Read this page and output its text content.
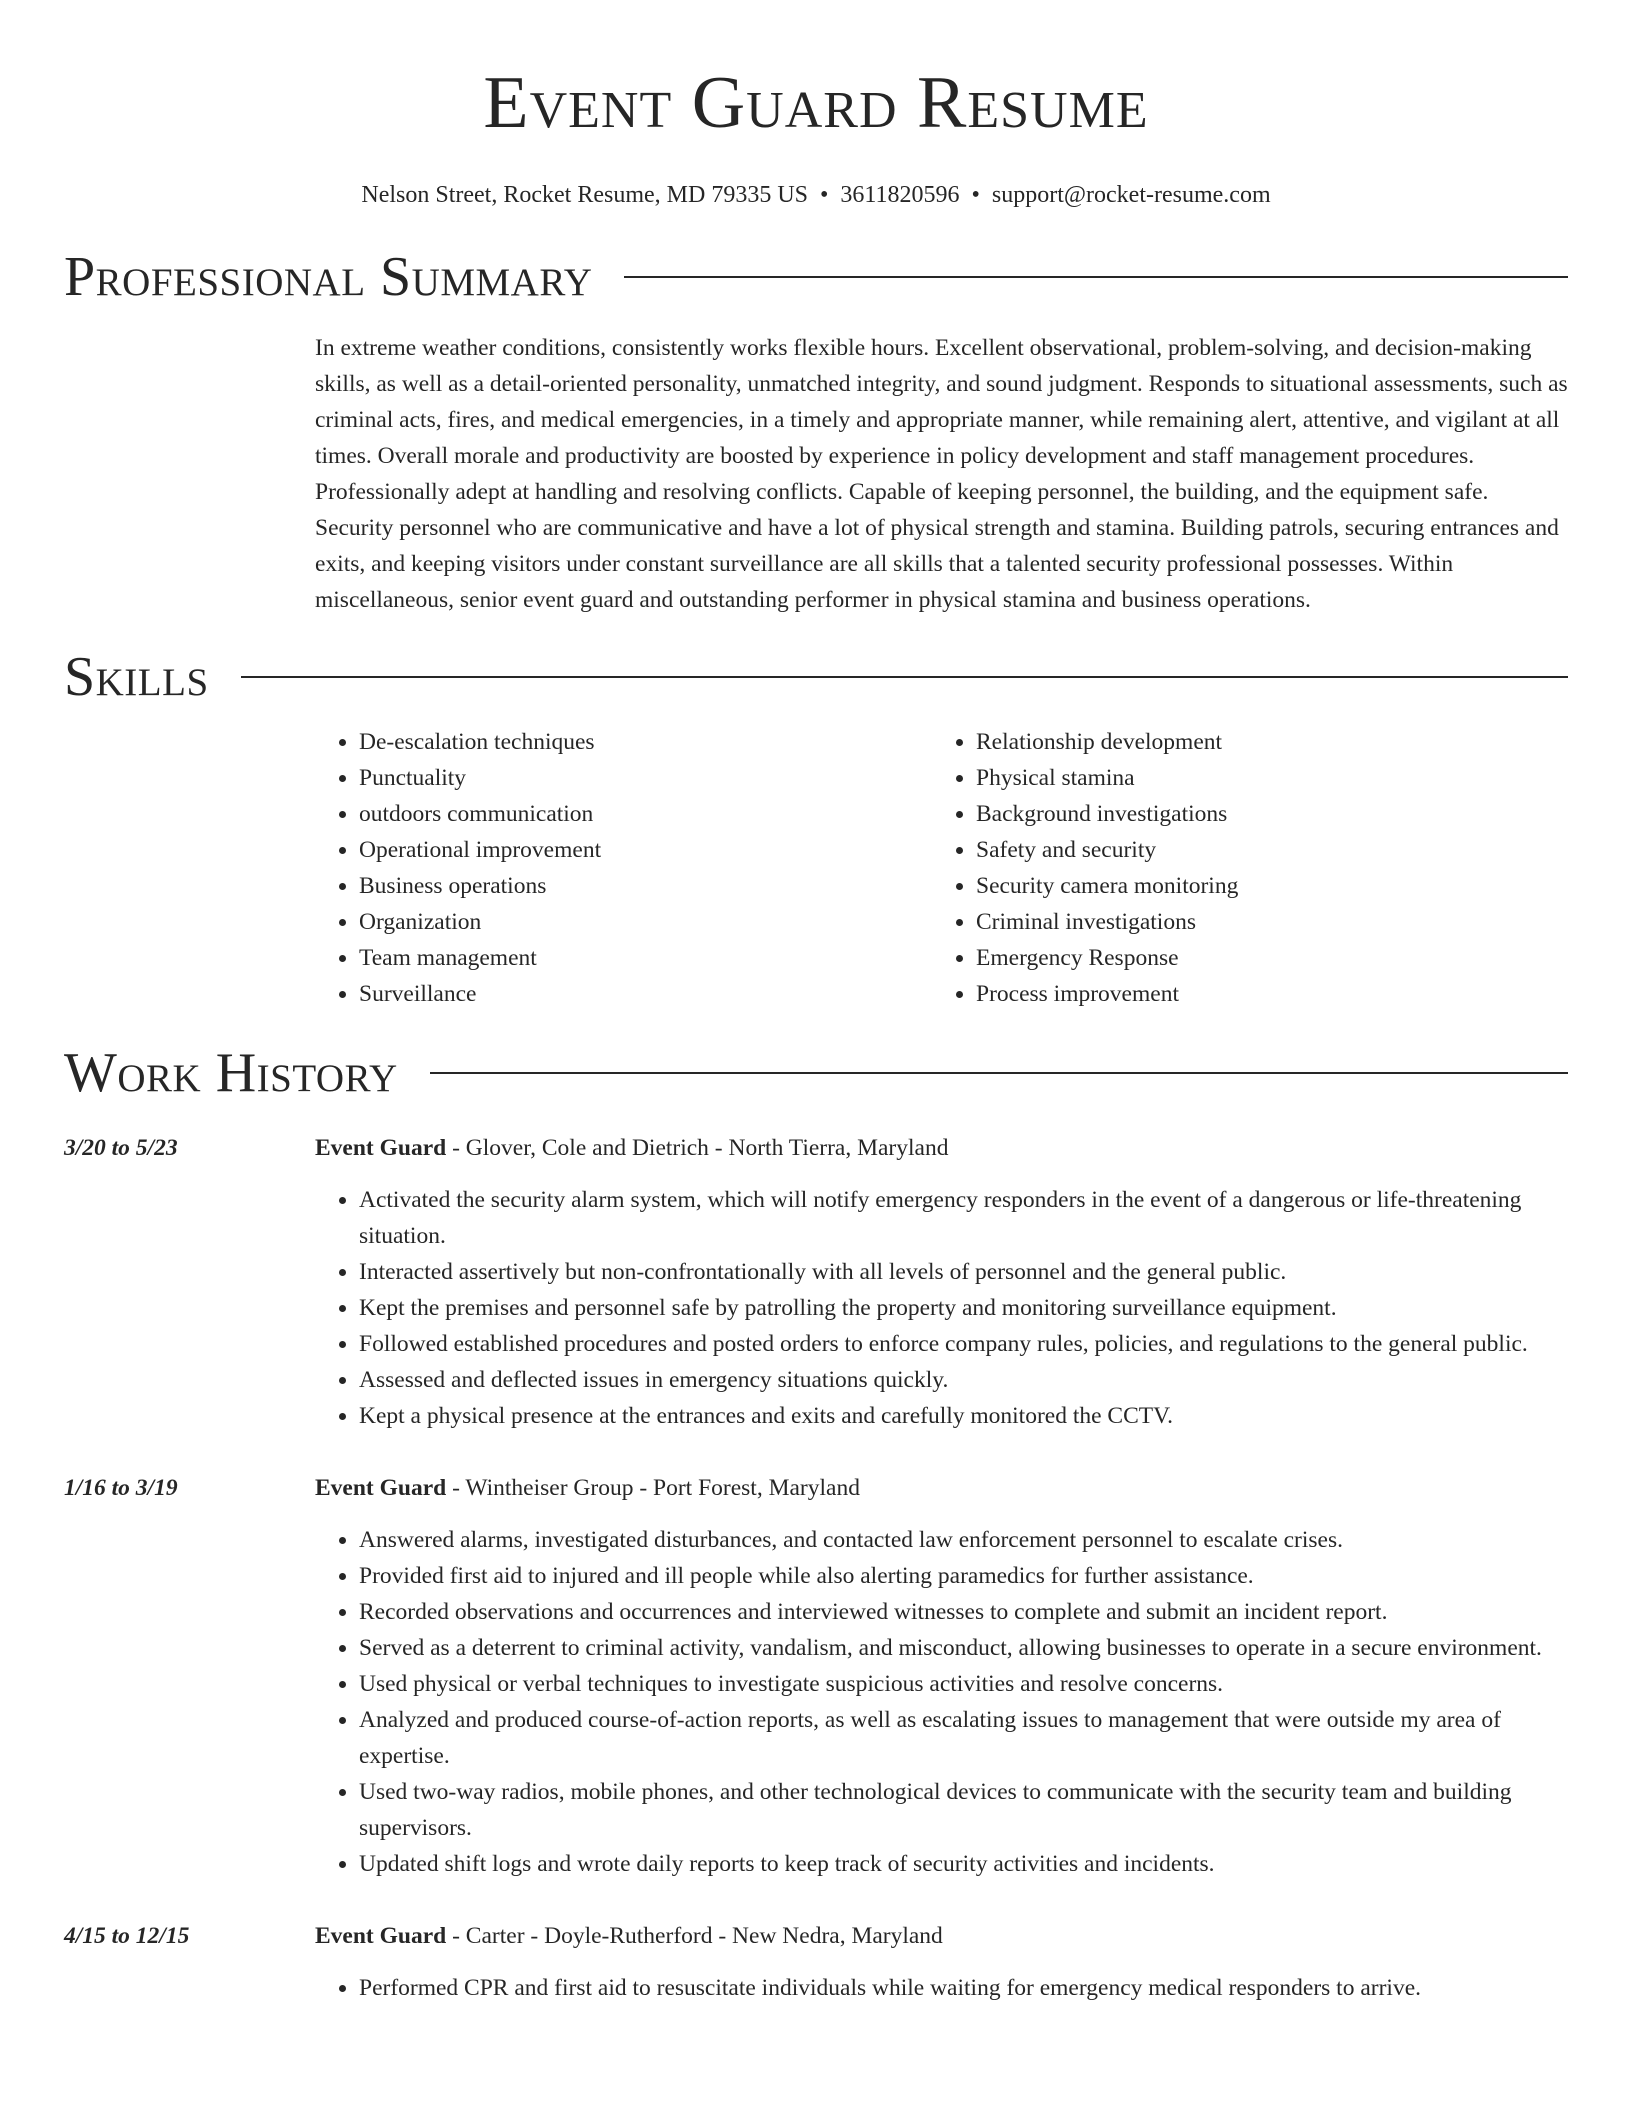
Event Guard Resume
Nelson Street, Rocket Resume, MD 79335 US • 3611820596 • support@rocket-resume.com
Professional Summary

In extreme weather conditions, consistently works flexible hours. Excellent observational, problem-solving, and decision-making skills, as well as a detail-oriented personality, unmatched integrity, and sound judgment. Responds to situational assessments, such as criminal acts, fires, and medical emergencies, in a timely and appropriate manner, while remaining alert, attentive, and vigilant at all times. Overall morale and productivity are boosted by experience in policy development and staff management procedures. Professionally adept at handling and resolving conflicts. Capable of keeping personnel, the building, and the equipment safe. Security personnel who are communicative and have a lot of physical strength and stamina. Building patrols, securing entrances and exits, and keeping visitors under constant surveillance are all skills that a talented security professional possesses. Within miscellaneous, senior event guard and outstanding performer in physical stamina and business operations.

Skills
• De-escalation techniques
• Punctuality
• outdoors communication
• Operational improvement
• Business operations
• Organization
• Team management
• Surveillance
• Relationship development
• Physical stamina
• Background investigations
• Safety and security
• Security camera monitoring
• Criminal investigations
• Emergency Response
• Process improvement
Work History
3/20 to 5/23	Event Guard - Glover, Cole and Dietrich - North Tierra, Maryland

• Activated the security alarm system, which will notify emergency responders in the event of a dangerous or life-threatening situation.
• Interacted assertively but non-confrontationally with all levels of personnel and the general public.
• Kept the premises and personnel safe by patrolling the property and monitoring surveillance equipment.
• Followed established procedures and posted orders to enforce company rules, policies, and regulations to the general public.
• Assessed and deflected issues in emergency situations quickly.
• Kept a physical presence at the entrances and exits and carefully monitored the CCTV.
1/16 to 3/19	Event Guard - Wintheiser Group - Port Forest, Maryland

• Answered alarms, investigated disturbances, and contacted law enforcement personnel to escalate crises.
• Provided first aid to injured and ill people while also alerting paramedics for further assistance.
• Recorded observations and occurrences and interviewed witnesses to complete and submit an incident report.
• Served as a deterrent to criminal activity, vandalism, and misconduct, allowing businesses to operate in a secure environment.
• Used physical or verbal techniques to investigate suspicious activities and resolve concerns.
• Analyzed and produced course-of-action reports, as well as escalating issues to management that were outside my area of expertise.
• Used two-way radios, mobile phones, and other technological devices to communicate with the security team and building supervisors.
• Updated shift logs and wrote daily reports to keep track of security activities and incidents.
4/15 to 12/15	Event Guard - Carter - Doyle-Rutherford - New Nedra, Maryland

• Performed CPR and first aid to resuscitate individuals while waiting for emergency medical responders to arrive.
